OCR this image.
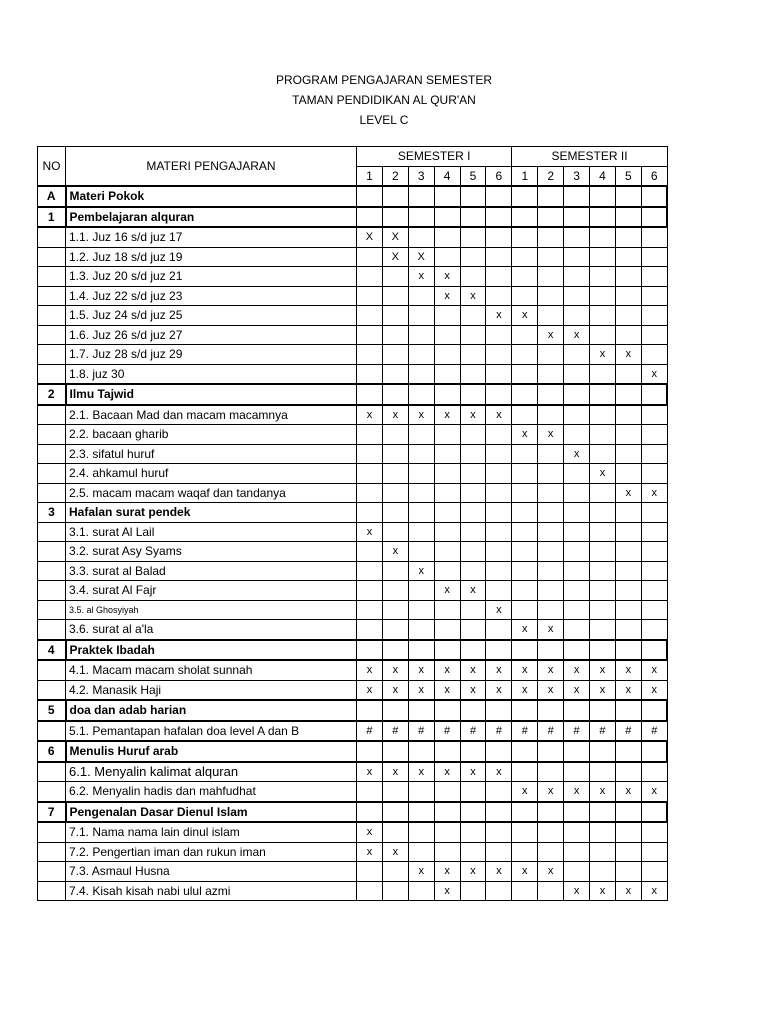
PROGRAM PENGAJARAN SEMESTER
TAMAN PENDIDIKAN AL QUR'AN
LEVEL C
NO	MATERI PENGAJARAN	SEMESTER I						SEMESTER II					
		1	2	3	4	5	6	1	2	3	4	5	6
A	Materi Pokok												
1	Pembelajaran alquran												
	1.1. Juz 16 s/d juz 17	X	X										
	1.2. Juz 18 s/d juz 19		X	X									
	1.3. Juz 20 s/d juz 21			x	x								
	1.4. Juz 22 s/d juz 23				x	x							
	1.5. Juz 24 s/d juz 25						x	x					
	1.6. Juz 26 s/d juz 27								x	x			
	1.7. Juz 28 s/d juz 29										x	x	
	1.8. juz 30												x
2	Ilmu Tajwid												
	2.1. Bacaan Mad dan macam macamnya	x	x	x	x	x	x						
	2.2. bacaan gharib							x	x				
	2.3. sifatul huruf									x			
	2.4. ahkamul huruf										x		
	2.5. macam macam waqaf dan tandanya											x	x
3	Hafalan surat pendek												
	3.1. surat Al Lail	x											
	3.2. surat Asy Syams		x										
	3.3. surat al Balad			x									
	3.4. surat Al Fajr				x	x							
	3.5. al Ghosyiyah						x						
	3.6. surat al a'la							x	x				
4	Praktek Ibadah												
	4.1. Macam macam sholat sunnah	x	x	x	x	x	x	x	x	x	x	x	x
	4.2. Manasik Haji	x	x	x	x	x	x	x	x	x	x	x	x
5	doa dan adab harian												
	5.1. Pemantapan hafalan doa level A dan B	#	#	#	#	#	#	#	#	#	#	#	#
6	Menulis Huruf arab												
	6.1. Menyalin kalimat alquran	x	x	x	x	x	x						
	6.2. Menyalin hadis dan mahfudhat							x	x	x	x	x	x
7	Pengenalan Dasar Dienul Islam												
	7.1. Nama nama lain dinul islam	x											
	7.2. Pengertian iman dan rukun iman	x	x										
	7.3. Asmaul Husna			x	x	x	x	x	x				
	7.4. Kisah kisah nabi ulul azmi				x					x	x	x	x
